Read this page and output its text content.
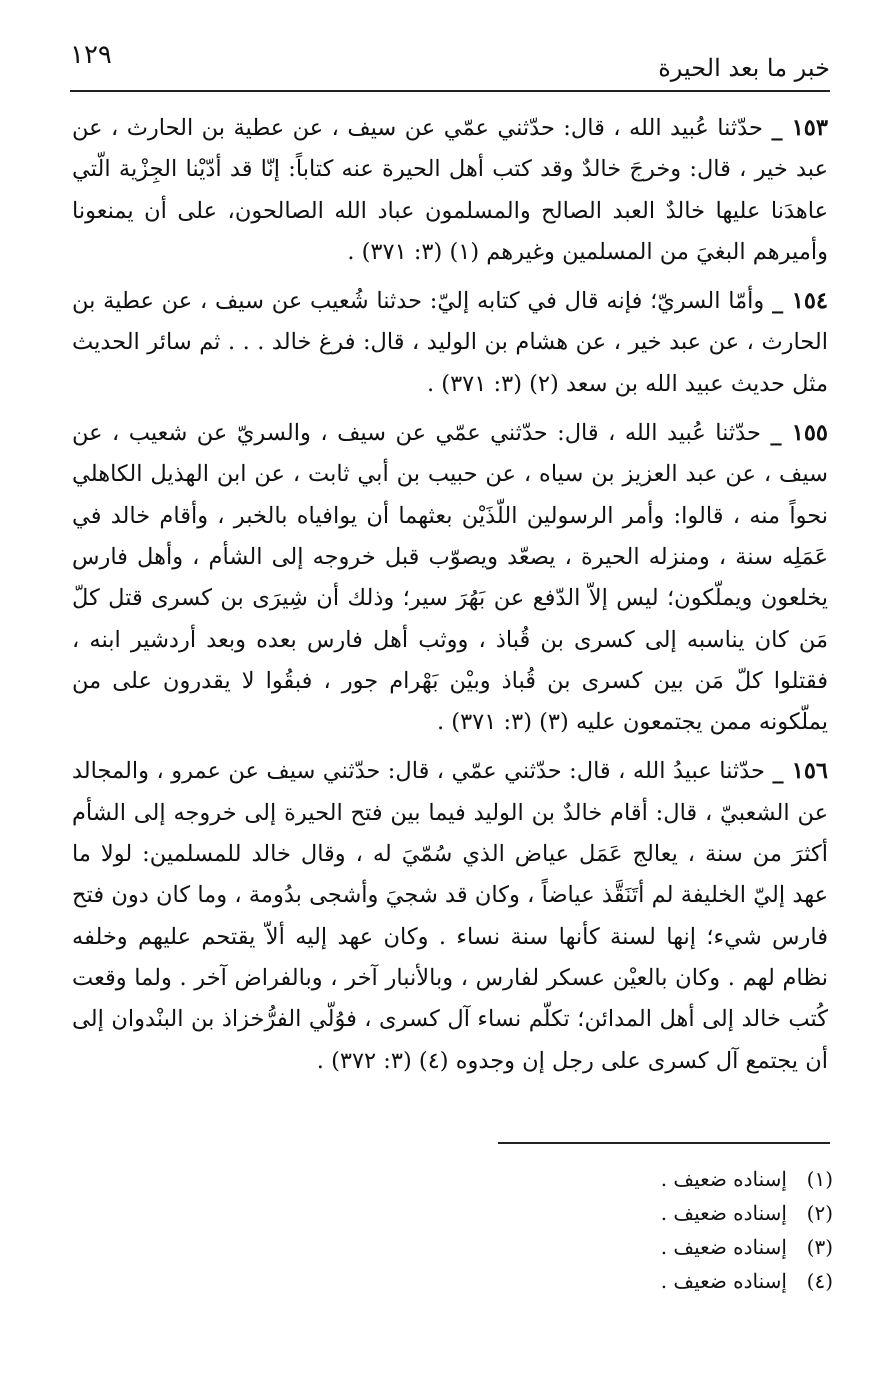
١٢٩	خبر ما بعد الحيرة

١٥٣ _ حدّثنا عُبيد الله ، قال: حدّثني عمّي عن سيف ، عن عطية بن الحارث ، عن عبد خير ، قال: وخرجَ خالدٌ وقد كتب أهل الحيرة عنه كتاباً: إنّا قد أدّيْنا الجِزْية الّتي عاهدَنا عليها خالدٌ العبد الصالح والمسلمون عباد الله الصالحون، على أن يمنعونا وأميرهم البغيَ من المسلمين وغيرهم (١) (٣: ٣٧١) .

١٥٤ _ وأمّا السريّ؛ فإنه قال في كتابه إليّ: حدثنا شُعيب عن سيف ، عن عطية بن الحارث ، عن عبد خير ، عن هشام بن الوليد ، قال: فرغ خالد . . . ثم سائر الحديث مثل حديث عبيد الله بن سعد (٢) (٣: ٣٧١) .

١٥٥ _ حدّثنا عُبيد الله ، قال: حدّثني عمّي عن سيف ، والسريّ عن شعيب ، عن سيف ، عن عبد العزيز بن سياه ، عن حبيب بن أبي ثابت ، عن ابن الهذيل الكاهلي نحواً منه ، قالوا: وأمر الرسولين اللّذَيْن بعثهما أن يوافياه بالخبر ، وأقام خالد في عَمَلِه سنة ، ومنزله الحيرة ، يصعّد ويصوّب قبل خروجه إلى الشأم ، وأهل فارس يخلعون ويملّكون؛ ليس إلاّ الدّفع عن بَهُرَ سير؛ وذلك أن شِيرَى بن كسرى قتل كلّ مَن كان يناسبه إلى كسرى بن قُباذ ، ووثب أهل فارس بعده وبعد أردشير ابنه ، فقتلوا كلّ مَن بين كسرى بن قُباذ وبيْن بَهْرام جور ، فبقُوا لا يقدرون على من يملّكونه ممن يجتمعون عليه (٣) (٣: ٣٧١) .

١٥٦ _ حدّثنا عبيدُ الله ، قال: حدّثني عمّي ، قال: حدّثني سيف عن عمرو ، والمجالد عن الشعبيّ ، قال: أقام خالدٌ بن الوليد فيما بين فتح الحيرة إلى خروجه إلى الشأم أكثرَ من سنة ، يعالج عَمَل عياض الذي سُمّيَ له ، وقال خالد للمسلمين: لولا ما عهد إليّ الخليفة لم أتَنَقَّذ عياضاً ، وكان قد شجيَ وأشجى بدُومة ، وما كان دون فتح فارس شيء؛ إنها لسنة كأنها سنة نساء . وكان عهد إليه ألاّ يقتحم عليهم وخلفه نظام لهم . وكان بالعيْن عسكر لفارس ، وبالأنبار آخر ، وبالفراض آخر . ولما وقعت كُتب خالد إلى أهل المدائن؛ تكلّم نساء آل كسرى ، فوُلّي الفرُّخزاذ بن البنْدوان إلى أن يجتمع آل كسرى على رجل إن وجدوه (٤) (٣: ٣٧٢) .

(١)
إسناده ضعيف .
(٢)
إسناده ضعيف .
(٣)
إسناده ضعيف .
(٤)
إسناده ضعيف .
